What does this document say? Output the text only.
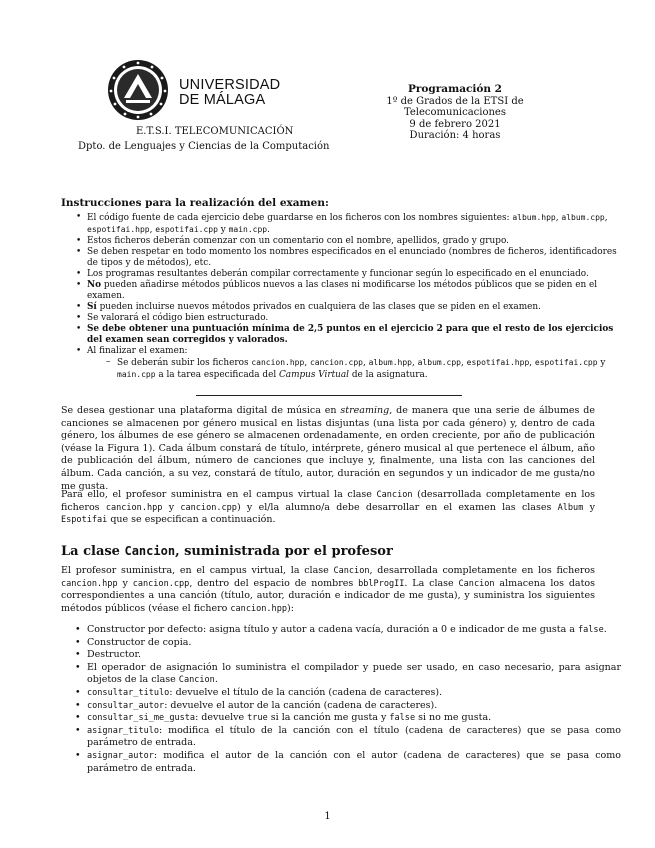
UNIVERSIDAD
DE MÁLAGA
E.T.S.I. TELECOMUNICACIÓN
Dpto. de Lenguajes y Ciencias de la Computación
Programación 2
1º de Grados de la ETSI de
Telecomunicaciones
9 de febrero 2021
Duración: 4 horas
Instrucciones para la realización del examen:
• El código fuente de cada ejercicio debe guardarse en los ficheros con los nombres siguientes: album.hpp, album.cpp, espotifai.hpp, espotifai.cpp y main.cpp.
• Estos ficheros deberán comenzar con un comentario con el nombre, apellidos, grado y grupo.
• Se deben respetar en todo momento los nombres especificados en el enunciado (nombres de ficheros, identificadores de tipos y de métodos), etc.
• Los programas resultantes deberán compilar correctamente y funcionar según lo especificado en el enunciado.
• No pueden añadirse métodos públicos nuevos a las clases ni modificarse los métodos públicos que se piden en el examen.
• Sí pueden incluirse nuevos métodos privados en cualquiera de las clases que se piden en el examen.
• Se valorará el código bien estructurado.
• Se debe obtener una puntuación mínima de 2,5 puntos en el ejercicio 2 para que el resto de los ejercicios del examen sean corregidos y valorados.
• Al finalizar el examen:
– Se deberán subir los ficheros cancion.hpp, cancion.cpp, album.hpp, album.cpp, espotifai.hpp, espotifai.cpp y main.cpp a la tarea especificada del Campus Virtual de la asignatura.

Se desea gestionar una plataforma digital de música en streaming, de manera que una serie de álbumes de canciones se almacenen por género musical en listas disjuntas (una lista por cada género) y, dentro de cada género, los álbumes de ese género se almacenen ordenadamente, en orden creciente, por año de publicación (véase la Figura 1). Cada álbum constará de título, intérprete, género musical al que pertenece el álbum, año de publicación del álbum, número de canciones que incluye y, finalmente, una lista con las canciones del álbum. Cada canción, a su vez, constará de título, autor, duración en segundos y un indicador de me gusta/no me gusta.

Para ello, el profesor suministra en el campus virtual la clase Cancion (desarrollada completamente en los ficheros cancion.hpp y cancion.cpp) y el/la alumno/a debe desarrollar en el examen las clases Album y Espotifai que se especifican a continuación.

La clase Cancion, suministrada por el profesor

El profesor suministra, en el campus virtual, la clase Cancion, desarrollada completamente en los ficheros cancion.hpp y cancion.cpp, dentro del espacio de nombres bblProgII. La clase Cancion almacena los datos correspondientes a una canción (título, autor, duración e indicador de me gusta), y suministra los siguientes métodos públicos (véase el fichero cancion.hpp):

• Constructor por defecto: asigna título y autor a cadena vacía, duración a 0 e indicador de me gusta a false.
• Constructor de copia.
• Destructor.
• El operador de asignación lo suministra el compilador y puede ser usado, en caso necesario, para asignar objetos de la clase Cancion.
• consultar_titulo: devuelve el título de la canción (cadena de caracteres).
• consultar_autor: devuelve el autor de la canción (cadena de caracteres).
• consultar_si_me_gusta: devuelve true si la canción me gusta y false si no me gusta.
• asignar_titulo: modifica el título de la canción con el título (cadena de caracteres) que se pasa como parámetro de entrada.
• asignar_autor: modifica el autor de la canción con el autor (cadena de caracteres) que se pasa como parámetro de entrada.
1
